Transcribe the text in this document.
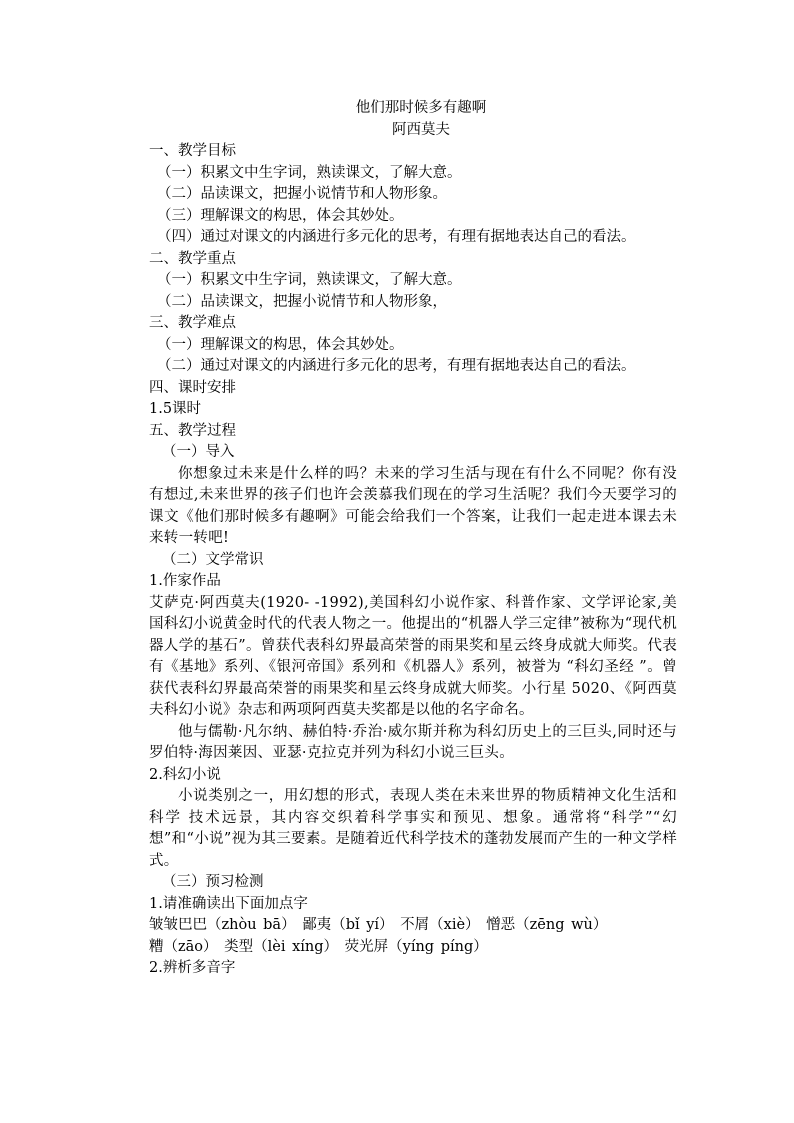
他们那时候多有趣啊
阿西莫夫
一、教学目标
（一）积累文中生字词，熟读课文，了解大意。
（二）品读课文，把握小说情节和人物形象。
（三）理解课文的构思，体会其妙处。
（四）通过对课文的内涵进行多元化的思考，有理有据地表达自己的看法。
二、教学重点
（一）积累文中生字词，熟读课文，了解大意。
（二）品读课文，把握小说情节和人物形象，
三、教学难点
（一）理解课文的构思，体会其妙处。
（二）通过对课文的内涵进行多元化的思考，有理有据地表达自己的看法。
四、课时安排
1.5课时
五、教学过程
（一）导入
你想象过未来是什么样的吗？未来的学习生活与现在有什么不同呢？你有没有想过,未来世界的孩子们也许会羡慕我们现在的学习生活呢？我们今天要学习的课文《他们那时候多有趣啊》可能会给我们一个答案，让我们一起走进本课去未来转一转吧!
（二）文学常识
1.作家作品
艾萨克·阿西莫夫(1920- -1992),美国科幻小说作家、科普作家、文学评论家,美国科幻小说黄金时代的代表人物之一。他提出的“机器人学三定律”被称为“现代机器人学的基石”。曾获代表科幻界最高荣誉的雨果奖和星云终身成就大师奖。代表有《基地》系列、《银河帝国》系列和《机器人》系列，被誉为 “科幻圣经 ”。曾获代表科幻界最高荣誉的雨果奖和星云终身成就大师奖。小行星 5020、《阿西莫夫科幻小说》杂志和两项阿西莫夫奖都是以他的名字命名。
他与儒勒·凡尔纳、赫伯特·乔治·威尔斯并称为科幻历史上的三巨头,同时还与罗伯特·海因莱因、亚瑟·克拉克并列为科幻小说三巨头。
2.科幻小说
小说类别之一，用幻想的形式，表现人类在未来世界的物质精神文化生活和科学 技术远景，其内容交织着科学事实和预见、想象。通常将“科学”“幻想”和“小说”视为其三要素。是随着近代科学技术的蓬勃发展而产生的一种文学样式。
（三）预习检测
1.请准确读出下面加点字
皱皱巴巴（zhòu bā） 鄙夷（bǐ yí） 不屑（xiè） 憎恶（zēng wù）
糟（zāo） 类型（lèi xíng） 荧光屏（yíng píng）
2.辨析多音字
